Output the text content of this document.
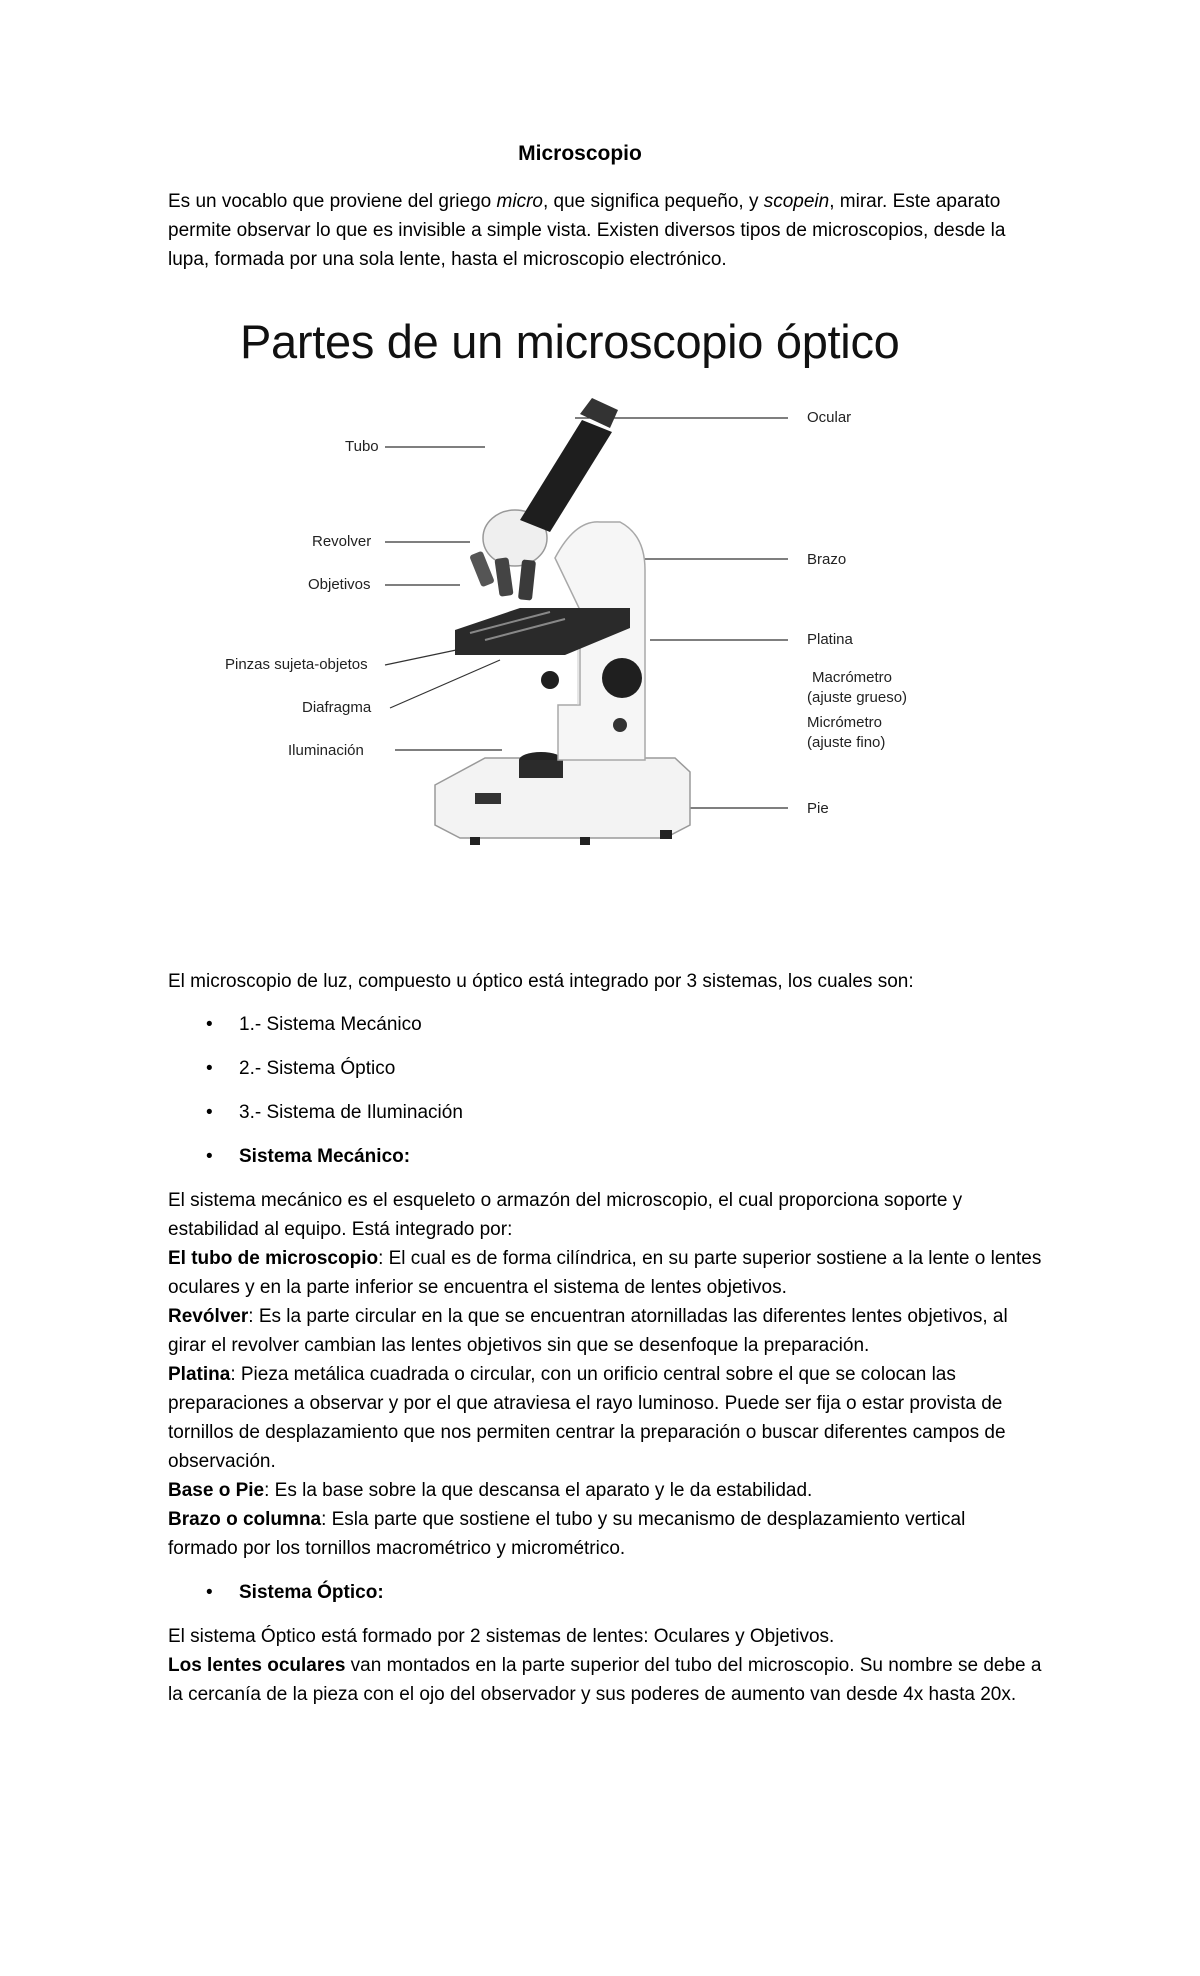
Microscopio

Es un vocablo que proviene del griego micro, que significa pequeño, y scopein, mirar. Este aparato
permite observar lo que es invisible a simple vista. Existen diversos tipos de microscopios, desde la
lupa, formada por una sola lente, hasta el microscopio electrónico.

Partes de un microscopio óptico
Ocular
Tubo
Revolver
Objetivos
Brazo
Platina
Pinzas sujeta-objetos
Macrómetro
(ajuste grueso)
Diafragma
Micrómetro
(ajuste fino)
Iluminación
Pie

El microscopio de luz, compuesto u óptico está integrado por 3 sistemas, los cuales son:

• 1.- Sistema Mecánico
• 2.- Sistema Óptico
• 3.- Sistema de Iluminación
• Sistema Mecánico:

El sistema mecánico es el esqueleto o armazón del microscopio, el cual proporciona soporte y
estabilidad al equipo. Está integrado por:
El tubo de microscopio: El cual es de forma cilíndrica, en su parte superior sostiene a la lente o lentes
oculares y en la parte inferior se encuentra el sistema de lentes objetivos.
Revólver: Es la parte circular en la que se encuentran atornilladas las diferentes lentes objetivos, al
girar el revolver cambian las lentes objetivos sin que se desenfoque la preparación.
Platina: Pieza metálica cuadrada o circular, con un orificio central sobre el que se colocan las
preparaciones a observar y por el que atraviesa el rayo luminoso. Puede ser fija o estar provista de
tornillos de desplazamiento que nos permiten centrar la preparación o buscar diferentes campos de
observación.
Base o Pie: Es la base sobre la que descansa el aparato y le da estabilidad.
Brazo o columna: Esla parte que sostiene el tubo y su mecanismo de desplazamiento vertical
formado por los tornillos macrométrico y micrométrico.

• Sistema Óptico:

El sistema Óptico está formado por 2 sistemas de lentes: Oculares y Objetivos.
Los lentes oculares van montados en la parte superior del tubo del microscopio. Su nombre se debe a
la cercanía de la pieza con el ojo del observador y sus poderes de aumento van desde 4x hasta 20x.
